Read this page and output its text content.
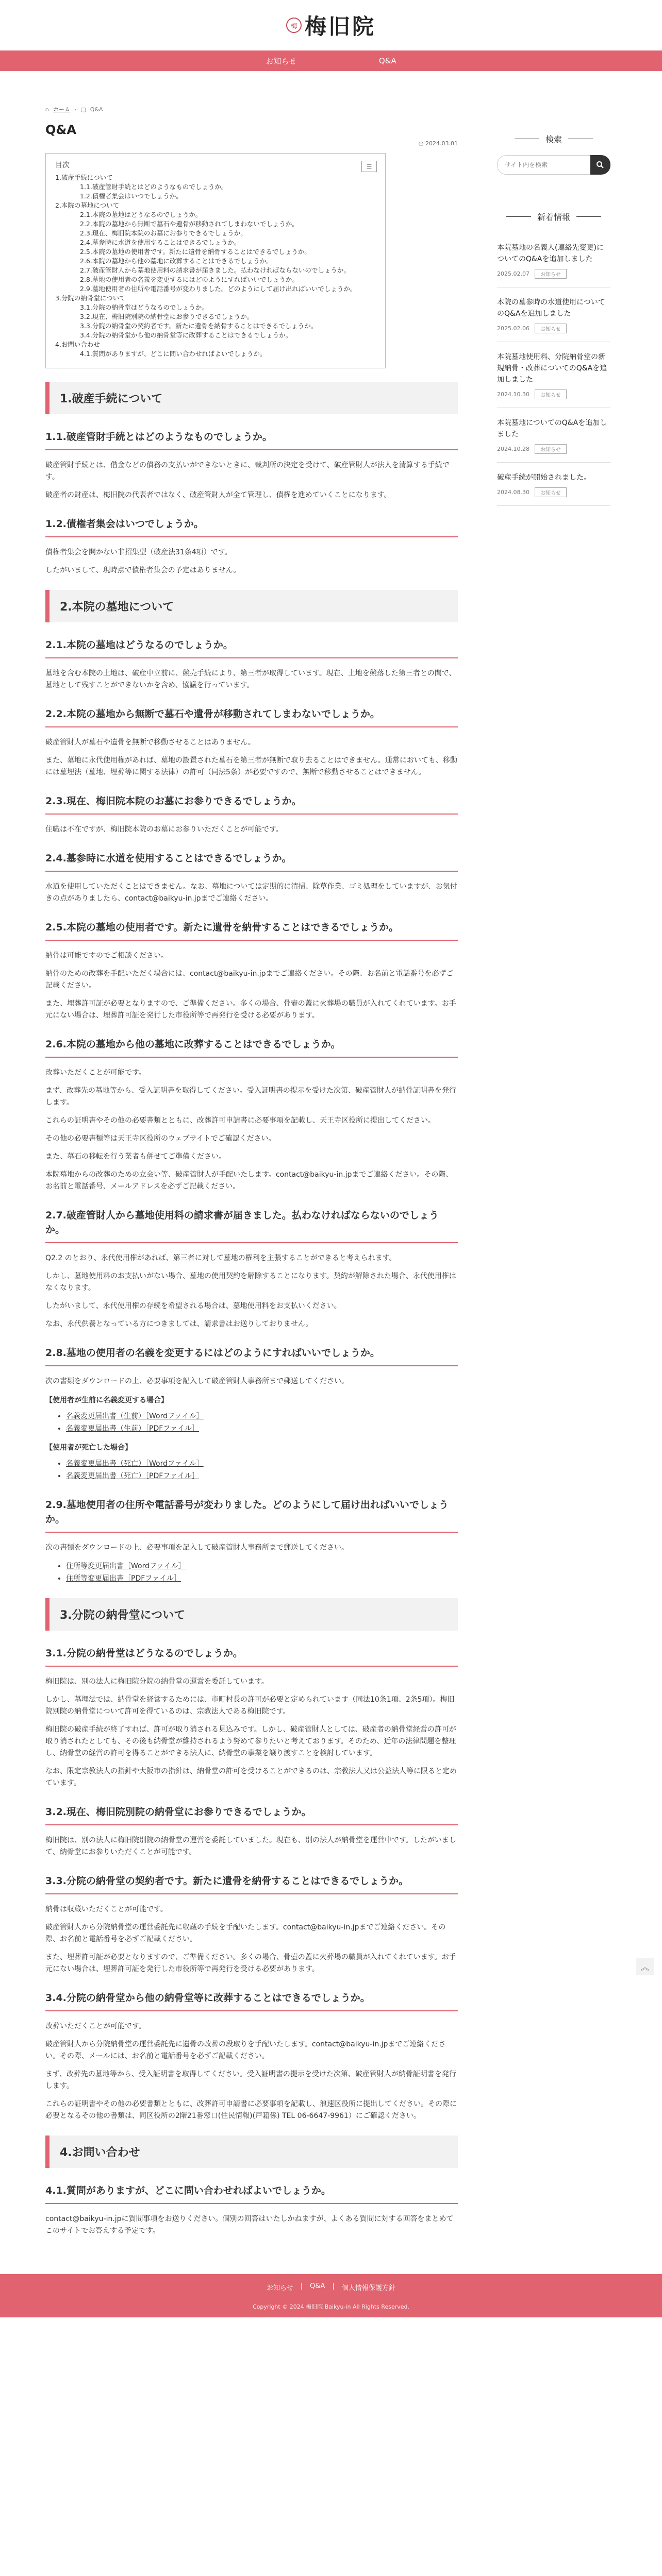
梅 梅旧院
お知らせ	Q&A
⌂ ホーム › ▢ Q&A
Q&A
◷ 2024.03.01
目次	☰
1.破産手続について
1.1.破産管財手続とはどのようなものでしょうか。
1.2.債権者集会はいつでしょうか。
2.本院の墓地について
2.1.本院の墓地はどうなるのでしょうか。
2.2.本院の墓地から無断で墓石や遺骨が移動されてしまわないでしょうか。
2.3.現在、梅旧院本院のお墓にお参りできるでしょうか。
2.4.墓参時に水道を使用することはできるでしょうか。
2.5.本院の墓地の使用者です。新たに遺骨を納骨することはできるでしょうか。
2.6.本院の墓地から他の墓地に改葬することはできるでしょうか。
2.7.破産管財人から墓地使用料の請求書が届きました。払わなければならないのでしょうか。
2.8.墓地の使用者の名義を変更するにはどのようにすればいいでしょうか。
2.9.墓地使用者の住所や電話番号が変わりました。どのようにして届け出ればいいでしょうか。
3.分院の納骨堂について
3.1.分院の納骨堂はどうなるのでしょうか。
3.2.現在、梅旧院別院の納骨堂にお参りできるでしょうか。
3.3.分院の納骨堂の契約者です。新たに遺骨を納骨することはできるでしょうか。
3.4.分院の納骨堂から他の納骨堂等に改葬することはできるでしょうか。
4.お問い合わせ
4.1.質問がありますが、どこに問い合わせればよいでしょうか。
1.破産手続について
1.1.破産管財手続とはどのようなものでしょうか。

破産管財手続とは、借金などの債務の支払いができないときに、裁判所の決定を受けて、破産管財人が法人を清算する手続です。

破産者の財産は、梅旧院の代表者ではなく、破産管財人が全て管理し、債権を進めていくことになります。

1.2.債権者集会はいつでしょうか。

債権者集会を開かない非招集型（破産法31条4項）です。

したがいまして、現時点で債権者集会の予定はありません。

2.本院の墓地について
2.1.本院の墓地はどうなるのでしょうか。

墓地を含む本院の土地は、破産中立前に、競売手続により、第三者が取得しています。現在、土地を競落した第三者との間で、墓地として残すことができないかを含め、協議を行っています。

2.2.本院の墓地から無断で墓石や遺骨が移動されてしまわないでしょうか。

破産管財人が墓石や遺骨を無断で移動させることはありません。

また、墓地に永代使用権があれば、墓地の設置された墓石を第三者が無断で取り去ることはできません。通常においても、移動には墓埋法（墓地、埋葬等に関する法律）の許可（同法5条）が必要ですので、無断で移動させることはできません。

2.3.現在、梅旧院本院のお墓にお参りできるでしょうか。

住職は不在ですが、梅旧院本院のお墓にお参りいただくことが可能です。

2.4.墓参時に水道を使用することはできるでしょうか。

水道を使用していただくことはできません。なお、墓地については定期的に清掃、除草作業、ゴミ処理をしていますが、お気付きの点がありましたら、contact@baikyu-in.jpまでご連絡ください。

2.5.本院の墓地の使用者です。新たに遺骨を納骨することはできるでしょうか。

納骨は可能ですのでご相談ください。

納骨のための改葬を手配いただく場合には、contact@baikyu-in.jpまでご連絡ください。その際、お名前と電話番号を必ずご記載ください。

また、埋葬許可証が必要となりますので、ご準備ください。多くの場合、骨壺の蓋に火葬場の職員が入れてくれています。お手元にない場合は、埋葬許可証を発行した市役所等で再発行を受ける必要があります。

2.6.本院の墓地から他の墓地に改葬することはできるでしょうか。

改葬いただくことが可能です。

まず、改葬先の墓地等から、受入証明書を取得してください。受入証明書の提示を受けた次第、破産管財人が納骨証明書を発行します。

これらの証明書やその他の必要書類とともに、改葬許可申請書に必要事項を記載し、天王寺区役所に提出してください。

その他の必要書類等は天王寺区役所のウェブサイトでご確認ください。

また、墓石の移転を行う業者も併せてご準備ください。

本院墓地からの改葬のための立会い等、破産管財人が手配いたします。contact@baikyu-in.jpまでご連絡ください。その際、お名前と電話番号、メールアドレスを必ずご記載ください。

2.7.破産管財人から墓地使用料の請求書が届きました。払わなければならないのでしょうか。

Q2.2 のとおり、永代使用権があれば、第三者に対して墓地の権利を主張することができると考えられます。

しかし、墓地使用料のお支払いがない場合、墓地の使用契約を解除することになります。契約が解除された場合、永代使用権はなくなります。

したがいまして、永代使用権の存続を希望される場合は、墓地使用料をお支払いください。

なお、永代供養となっている方につきましては、請求書はお送りしておりません。

2.8.墓地の使用者の名義を変更するにはどのようにすればいいでしょうか。

次の書類をダウンロードの上、必要事項を記入して破産管財人事務所まで郵送してください。

【使用者が生前に名義変更する場合】
• 名義変更届出書（生前）［Wordファイル］
• 名義変更届出書（生前）［PDFファイル］
【使用者が死亡した場合】
• 名義変更届出書（死亡）［Wordファイル］
• 名義変更届出書（死亡）［PDFファイル］
2.9.墓地使用者の住所や電話番号が変わりました。どのようにして届け出ればいいでしょうか。

次の書類をダウンロードの上、必要事項を記入して破産管財人事務所まで郵送してください。

• 住所等変更届出書［Wordファイル］
• 住所等変更届出書［PDFファイル］
3.分院の納骨堂について
3.1.分院の納骨堂はどうなるのでしょうか。

梅旧院は、別の法人に梅旧院分院の納骨堂の運営を委託しています。

しかし、墓埋法では、納骨堂を経営するためには、市町村長の許可が必要と定められています（同法10条1項、2条5項）。梅旧院別院の納骨堂について許可を得ているのは、宗教法人である梅旧院です。

梅旧院の破産手続が終了すれば、許可が取り消される見込みです。しかし、破産管財人としては、破産者の納骨堂経営の許可が取り消されたとしても、その後も納骨堂が維持されるよう努めて参りたいと考えております。そのため、近年の法律問題を整理し、納骨堂の経営の許可を得ることができる法人に、納骨堂の事業を譲り渡すことを検討しています。

なお、限定宗教法人の指針や大阪市の指針は、納骨堂の許可を受けることができるのは、宗教法人又は公益法人等に限ると定めています。

3.2.現在、梅旧院別院の納骨堂にお参りできるでしょうか。

梅旧院は、別の法人に梅旧院別院の納骨堂の運営を委託していました。現在も、別の法人が納骨堂を運営中です。したがいまして、納骨堂にお参りいただくことが可能です。

3.3.分院の納骨堂の契約者です。新たに遺骨を納骨することはできるでしょうか。

納骨は収蔵いただくことが可能です。

破産管財人から分院納骨堂の運営委託先に収蔵の手続を手配いたします。contact@baikyu-in.jpまでご連絡ください。その際、お名前と電話番号を必ずご記載ください。

また、埋葬許可証が必要となりますので、ご準備ください。多くの場合、骨壺の蓋に火葬場の職員が入れてくれています。お手元にない場合は、埋葬許可証を発行した市役所等で再発行を受ける必要があります。

3.4.分院の納骨堂から他の納骨堂等に改葬することはできるでしょうか。

改葬いただくことが可能です。

破産管財人から分院納骨堂の運営委託先に遺骨の改葬の段取りを手配いたします。contact@baikyu-in.jpまでご連絡ください。その際、メールには、お名前と電話番号を必ずご記載ください。

まず、改葬先の墓地等から、受入証明書を取得してください。受入証明書の提示を受けた次第、破産管財人が納骨証明書を発行します。

これらの証明書やその他の必要書類とともに、改葬許可申請書に必要事項を記載し、浪速区役所に提出してください。その際に必要となるその他の書類は、同区役所の2階21番窓口(住民情報)(戸籍係) TEL 06-6647-9961）にご確認ください。

4.お問い合わせ
4.1.質問がありますが、どこに問い合わせればよいでしょうか。

contact@baikyu-in.jpに質問事項をお送りください。個別の回答はいたしかねますが、よくある質問に対する回答をまとめてこのサイトでお答えする予定です。

検索
サイト内を検索
新着情報
本院墓地の名義人(連絡先変更)についてのQ&Aを追加しました
2025.02.07	お知らせ
本院の墓参時の水道使用についてのQ&Aを追加しました
2025.02.06	お知らせ
本院墓地使用料、分院納骨堂の新規納骨・改葬についてのQ&Aを追加しました
2024.10.30	お知らせ
本院墓地についてのQ&Aを追加しました
2024.10.28	お知らせ
破産手続が開始されました。
2024.08.30	お知らせ
お知らせ | Q&A | 個人情報保護方針
Copyright © 2024 梅旧院 Baikyu-in All Rights Reserved.
︽
